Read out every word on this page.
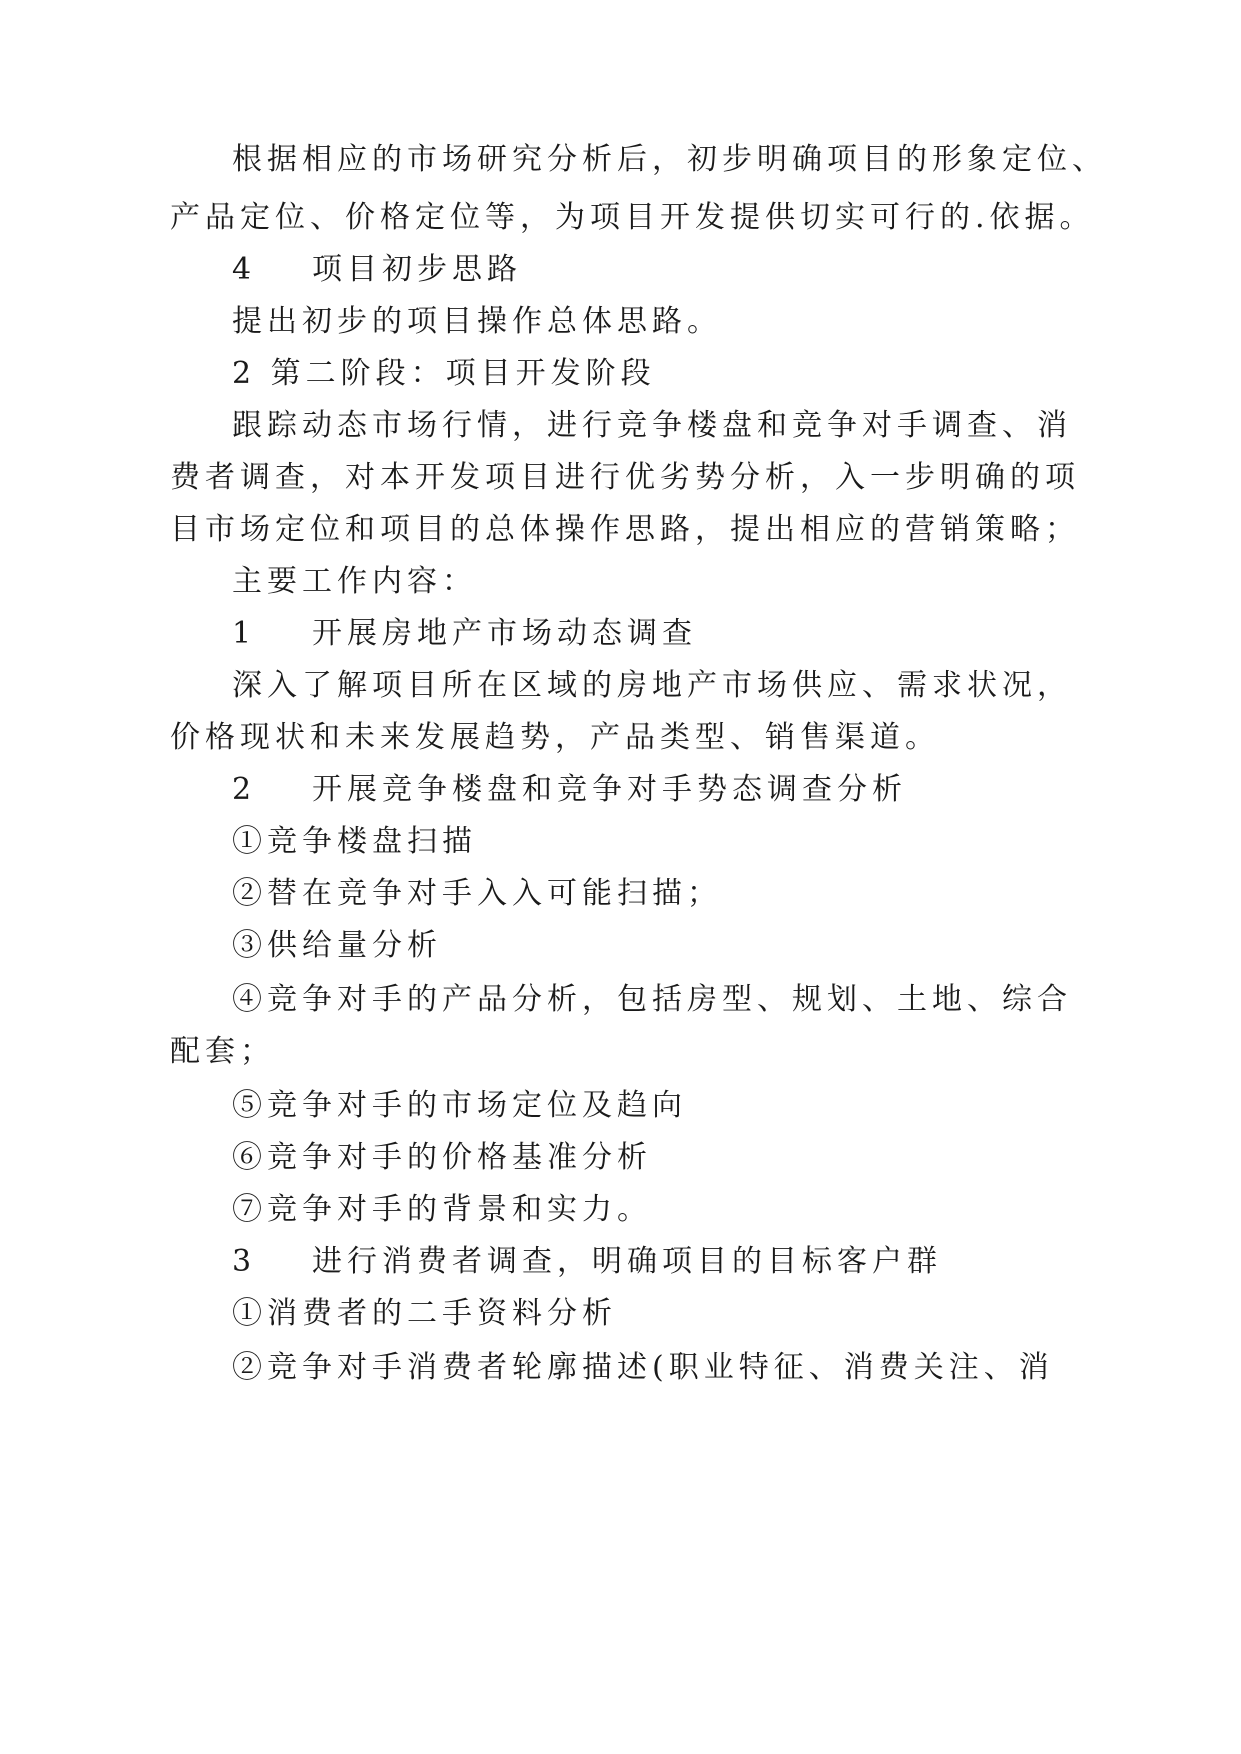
根据相应的市场研究分析后，初步明确项目的形象定位、
产品定位、价格定位等，为项目开发提供切实可行的.依据。
4 项目初步思路
提出初步的项目操作总体思路。
2 第二阶段：项目开发阶段
跟踪动态市场行情，进行竞争楼盘和竞争对手调查、消
费者调查，对本开发项目进行优劣势分析，入一步明确的项
目市场定位和项目的总体操作思路，提出相应的营销策略；
主要工作内容：
1 开展房地产市场动态调查
深入了解项目所在区域的房地产市场供应、需求状况，
价格现状和未来发展趋势，产品类型、销售渠道。
2 开展竞争楼盘和竞争对手势态调查分析
①竞争楼盘扫描
②替在竞争对手入入可能扫描；
③供给量分析
④竞争对手的产品分析，包括房型、规划、土地、综合
配套；
⑤竞争对手的市场定位及趋向
⑥竞争对手的价格基准分析
⑦竞争对手的背景和实力。
3 进行消费者调查，明确项目的目标客户群
①消费者的二手资料分析
②竞争对手消费者轮廓描述(职业特征、消费关注、消
